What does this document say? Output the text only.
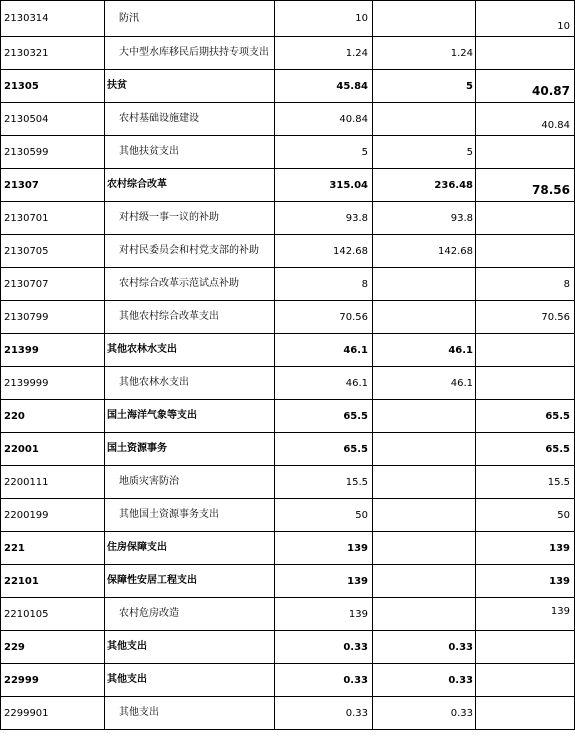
2130314	防汛	10		10
2130321	大中型水库移民后期扶持专项支出	1.24	1.24	
21305	扶贫	45.84	5	40.87
2130504	农村基础设施建设	40.84		40.84
2130599	其他扶贫支出	5	5	
21307	农村综合改革	315.04	236.48	78.56
2130701	对村级一事一议的补助	93.8	93.8	
2130705	对村民委员会和村党支部的补助	142.68	142.68	
2130707	农村综合改革示范试点补助	8		8
2130799	其他农村综合改革支出	70.56		70.56
21399	其他农林水支出	46.1	46.1	
2139999	其他农林水支出	46.1	46.1	
220	国土海洋气象等支出	65.5		65.5
22001	国土资源事务	65.5		65.5
2200111	地质灾害防治	15.5		15.5
2200199	其他国土资源事务支出	50		50
221	住房保障支出	139		139
22101	保障性安居工程支出	139		139
2210105	农村危房改造	139		139
229	其他支出	0.33	0.33	
22999	其他支出	0.33	0.33	
2299901	其他支出	0.33	0.33	
